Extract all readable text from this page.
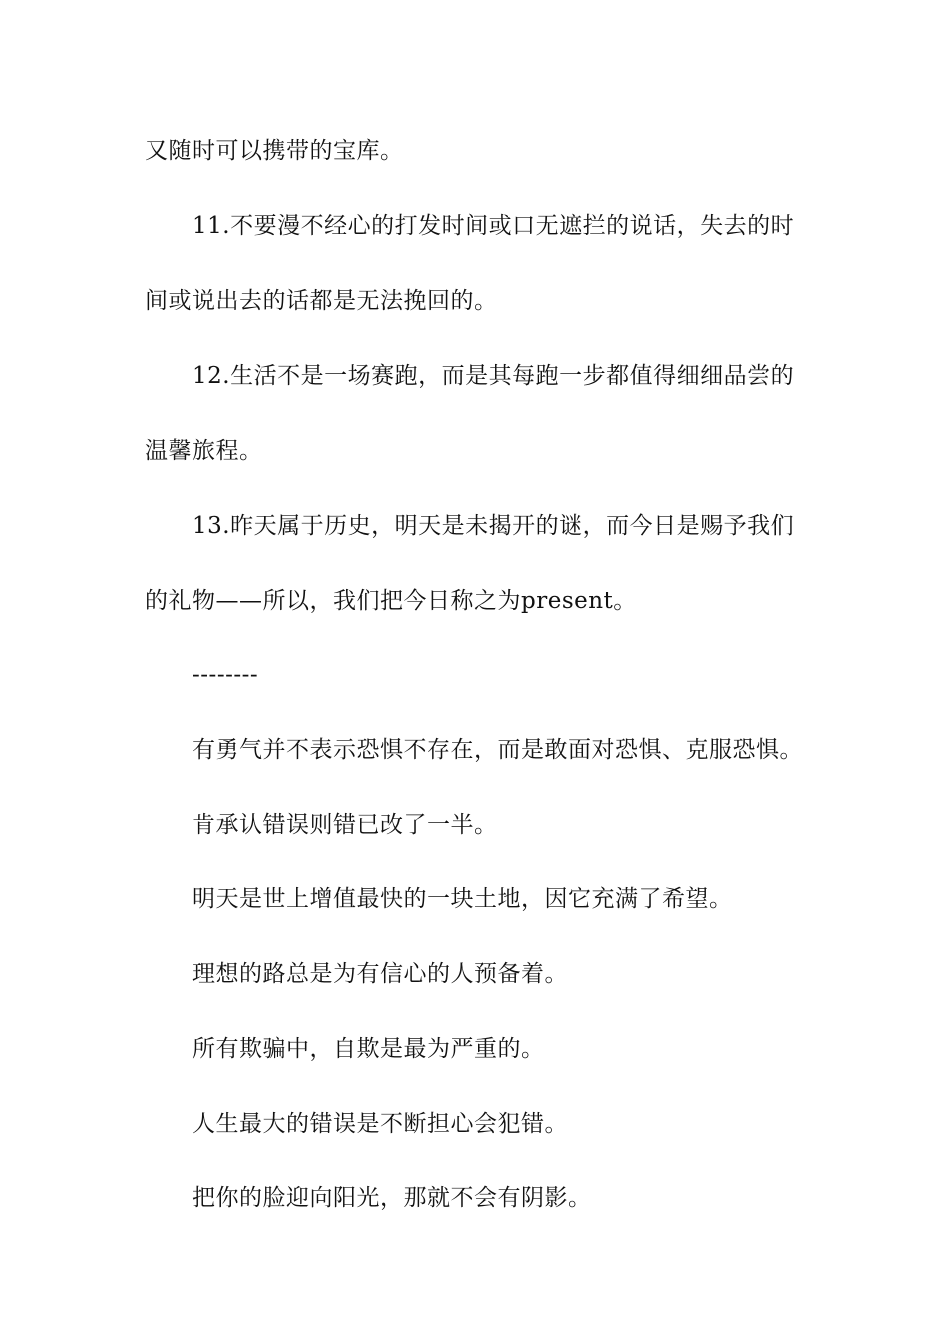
又随时可以携带的宝库。
11.不要漫不经心的打发时间或口无遮拦的说话，失去的时
间或说出去的话都是无法挽回的。
12.生活不是一场赛跑，而是其每跑一步都值得细细品尝的
温馨旅程。
13.昨天属于历史，明天是未揭开的谜，而今日是赐予我们
的礼物——所以，我们把今日称之为present。
--------
有勇气并不表示恐惧不存在，而是敢面对恐惧、克服恐惧。
肯承认错误则错已改了一半。
明天是世上增值最快的一块土地，因它充满了希望。
理想的路总是为有信心的人预备着。
所有欺骗中，自欺是最为严重的。
人生最大的错误是不断担心会犯错。
把你的脸迎向阳光，那就不会有阴影。
